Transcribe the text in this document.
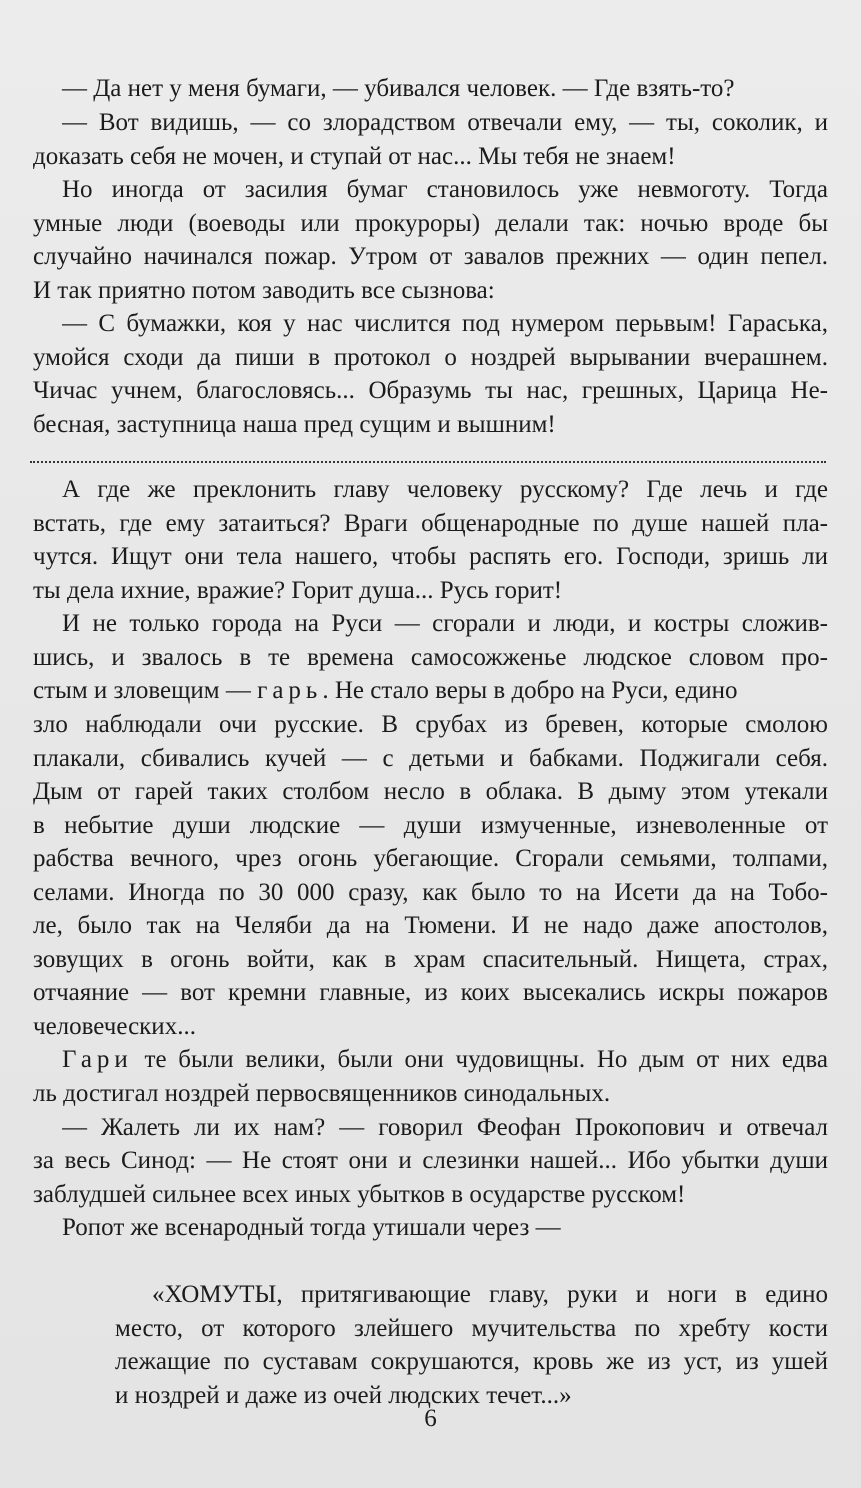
— Да нет у меня бумаги, — убивался человек. — Где взять-то?
— Вот видишь, — со злорадством отвечали ему, — ты, соколик, и
доказать себя не мочен, и ступай от нас... Мы тебя не знаем!
Но иногда от засилия бумаг становилось уже невмоготу. Тогда
умные люди (воеводы или прокуроры) делали так: ночью вроде бы
случайно начинался пожар. Утром от завалов прежних — один пепел.
И так приятно потом заводить все сызнова:
— С бумажки, коя у нас числится под нумером перьвым! Гараська,
умойся сходи да пиши в протокол о ноздрей вырывании вчерашнем.
Чичас учнем, благословясь... Образумь ты нас, грешных, Царица Не-
бесная, заступница наша пред сущим и вышним!
А где же преклонить главу человеку русскому? Где лечь и где
встать, где ему затаиться? Враги общенародные по душе нашей пла-
чутся. Ищут они тела нашего, чтобы распять его. Господи, зришь ли
ты дела ихние, вражие? Горит душа... Русь горит!
И не только города на Руси — сгорали и люди, и костры сложив-
шись, и звалось в те времена самосожженье людское словом про-
стым и зловещим — гарь. Не стало веры в добро на Руси, едино
зло наблюдали очи русские. В срубах из бревен, которые смолою
плакали, сбивались кучей — с детьми и бабками. Поджигали себя.
Дым от гарей таких столбом несло в облака. В дыму этом утекали
в небытие души людские — души измученные, изневоленные от
рабства вечного, чрез огонь убегающие. Сгорали семьями, толпами,
селами. Иногда по 30 000 сразу, как было то на Исети да на Тобо-
ле, было так на Челяби да на Тюмени. И не надо даже апостолов,
зовущих в огонь войти, как в храм спасительный. Нищета, страх,
отчаяние — вот кремни главные, из коих высекались искры пожаров
человеческих...
Гари те были велики, были они чудовищны. Но дым от них едва
ль достигал ноздрей первосвященников синодальных.
— Жалеть ли их нам? — говорил Феофан Прокопович и отвечал
за весь Синод: — Не стоят они и слезинки нашей... Ибо убытки души
заблудшей сильнее всех иных убытков в осударстве русском!
Ропот же всенародный тогда утишали через —
«ХОМУТЫ, притягивающие главу, руки и ноги в едино
место, от которого злейшего мучительства по хребту кости
лежащие по суставам сокрушаются, кровь же из уст, из ушей
и ноздрей и даже из очей людских течет...»
6
